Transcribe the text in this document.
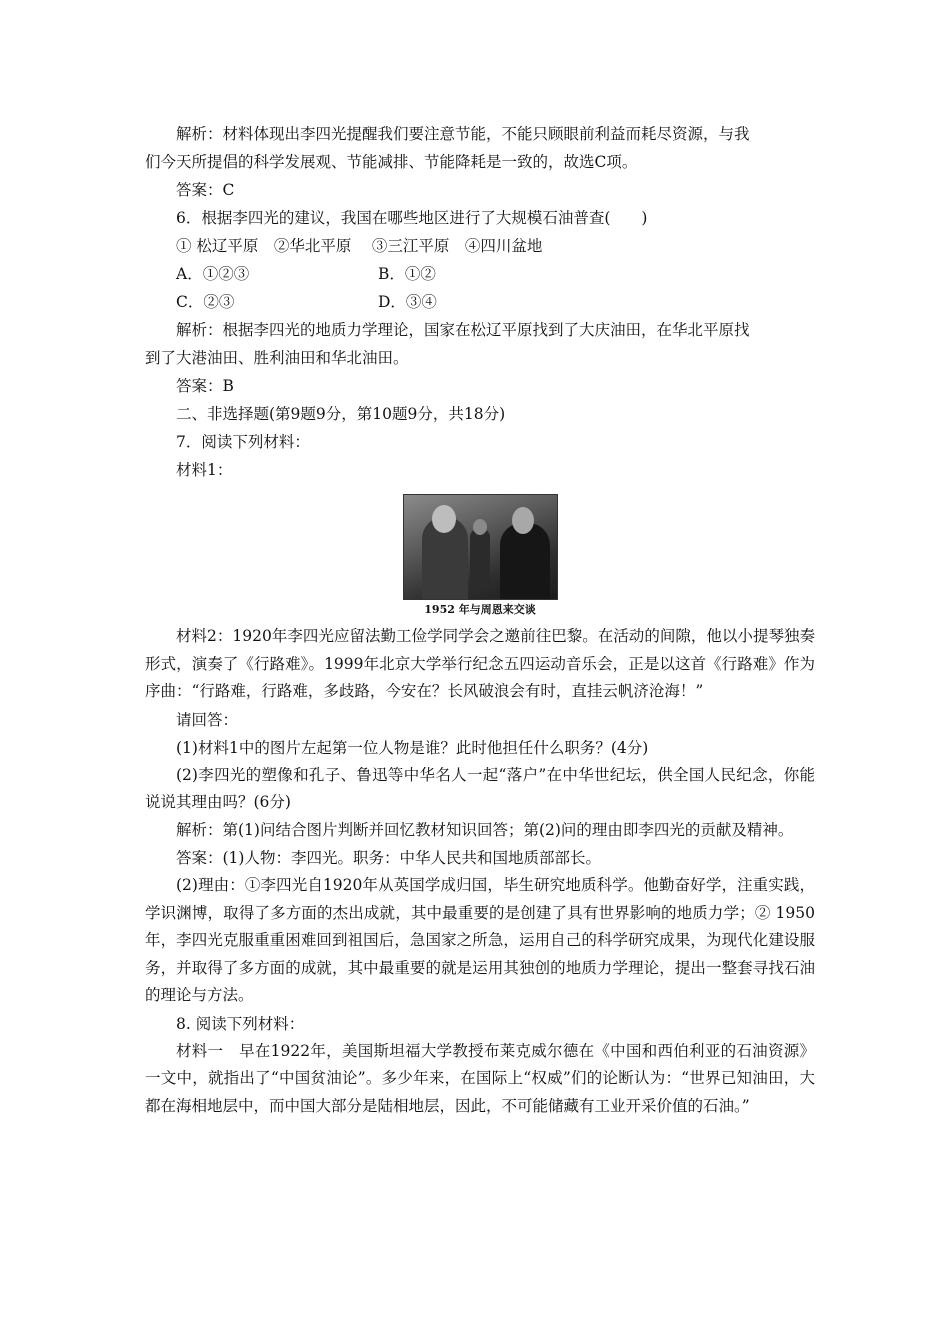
解析：材料体现出李四光提醒我们要注意节能，不能只顾眼前利益而耗尽资源，与我

们今天所提倡的科学发展观、节能减排、节能降耗是一致的，故选C项。

答案：C

6．根据李四光的建议，我国在哪些地区进行了大规模石油普查(　　)

① 松辽平原　②华北平原　 ③三江平原　④四川盆地

A．①②③	B．①②
C．②③	D．③④

解析：根据李四光的地质力学理论，国家在松辽平原找到了大庆油田，在华北平原找

到了大港油田、胜利油田和华北油田。

答案：B

二、非选择题(第9题9分，第10题9分，共18分)

7．阅读下列材料：

材料1：

1952 年与周恩来交谈

材料2：1920年李四光应留法勤工俭学同学会之邀前往巴黎。在活动的间隙，他以小提琴独奏形式，演奏了《行路难》。1999年北京大学举行纪念五四运动音乐会，正是以这首《行路难》作为序曲：“行路难，行路难，多歧路，今安在？长风破浪会有时，直挂云帆济沧海！”

请回答：

(1)材料1中的图片左起第一位人物是谁？此时他担任什么职务？(4分)

(2)李四光的塑像和孔子、鲁迅等中华名人一起“落户”在中华世纪坛，供全国人民纪念，你能说说其理由吗？(6分)

解析：第(1)问结合图片判断并回忆教材知识回答；第(2)问的理由即李四光的贡献及精神。

答案：(1)人物：李四光。职务：中华人民共和国地质部部长。

(2)理由：①李四光自1920年从英国学成归国，毕生研究地质科学。他勤奋好学，注重实践，学识渊博，取得了多方面的杰出成就，其中最重要的是创建了具有世界影响的地质力学；② 1950年，李四光克服重重困难回到祖国后，急国家之所急，运用自己的科学研究成果，为现代化建设服务，并取得了多方面的成就，其中最重要的就是运用其独创的地质力学理论，提出一整套寻找石油的理论与方法。

8. 阅读下列材料：

材料一　早在1922年，美国斯坦福大学教授布莱克威尔德在《中国和西伯利亚的石油资源》一文中，就指出了“中国贫油论”。多少年来，在国际上“权威”们的论断认为：“世界已知油田，大都在海相地层中，而中国大部分是陆相地层，因此，不可能储藏有工业开采价值的石油。”
